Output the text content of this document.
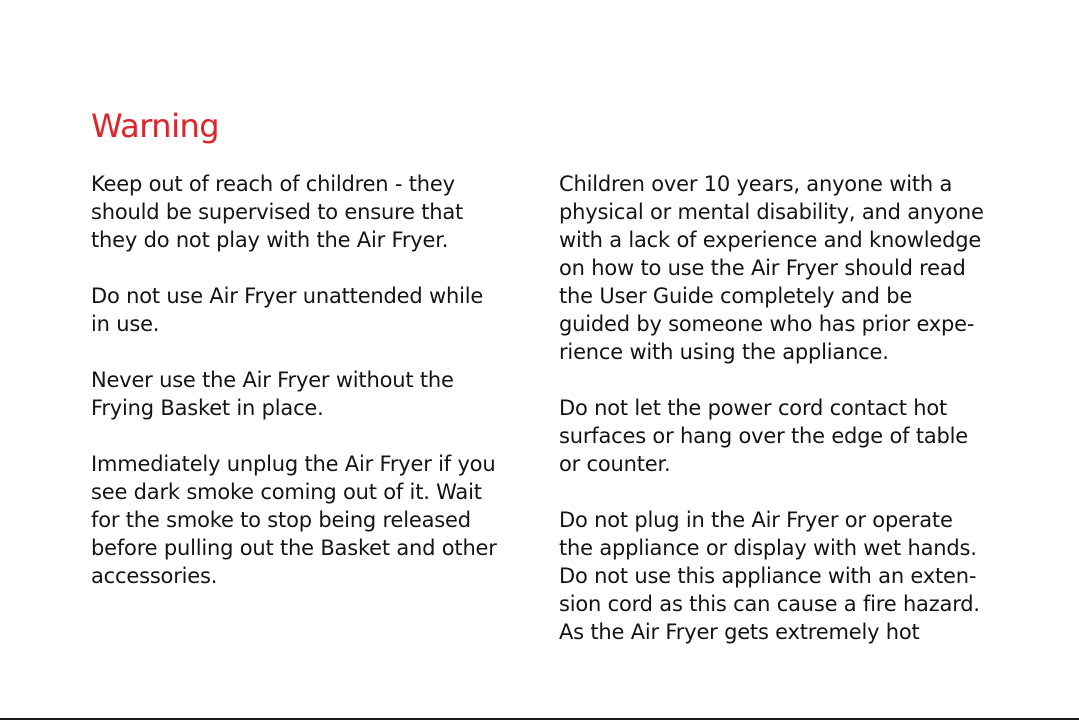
Warning

Keep out of reach of children - they
should be supervised to ensure that
they do not play with the Air Fryer.

Do not use Air Fryer unattended while
in use.

Never use the Air Fryer without the
Frying Basket in place.

Immediately unplug the Air Fryer if you
see dark smoke coming out of it. Wait
for the smoke to stop being released
before pulling out the Basket and other
accessories.

Children over 10 years, anyone with a
physical or mental disability, and anyone
with a lack of experience and knowledge
on how to use the Air Fryer should read
the User Guide completely and be
guided by someone who has prior expe-
rience with using the appliance.

Do not let the power cord contact hot
surfaces or hang over the edge of table
or counter.

Do not plug in the Air Fryer or operate
the appliance or display with wet hands.
Do not use this appliance with an exten-
sion cord as this can cause a fire hazard.
As the Air Fryer gets extremely hot
